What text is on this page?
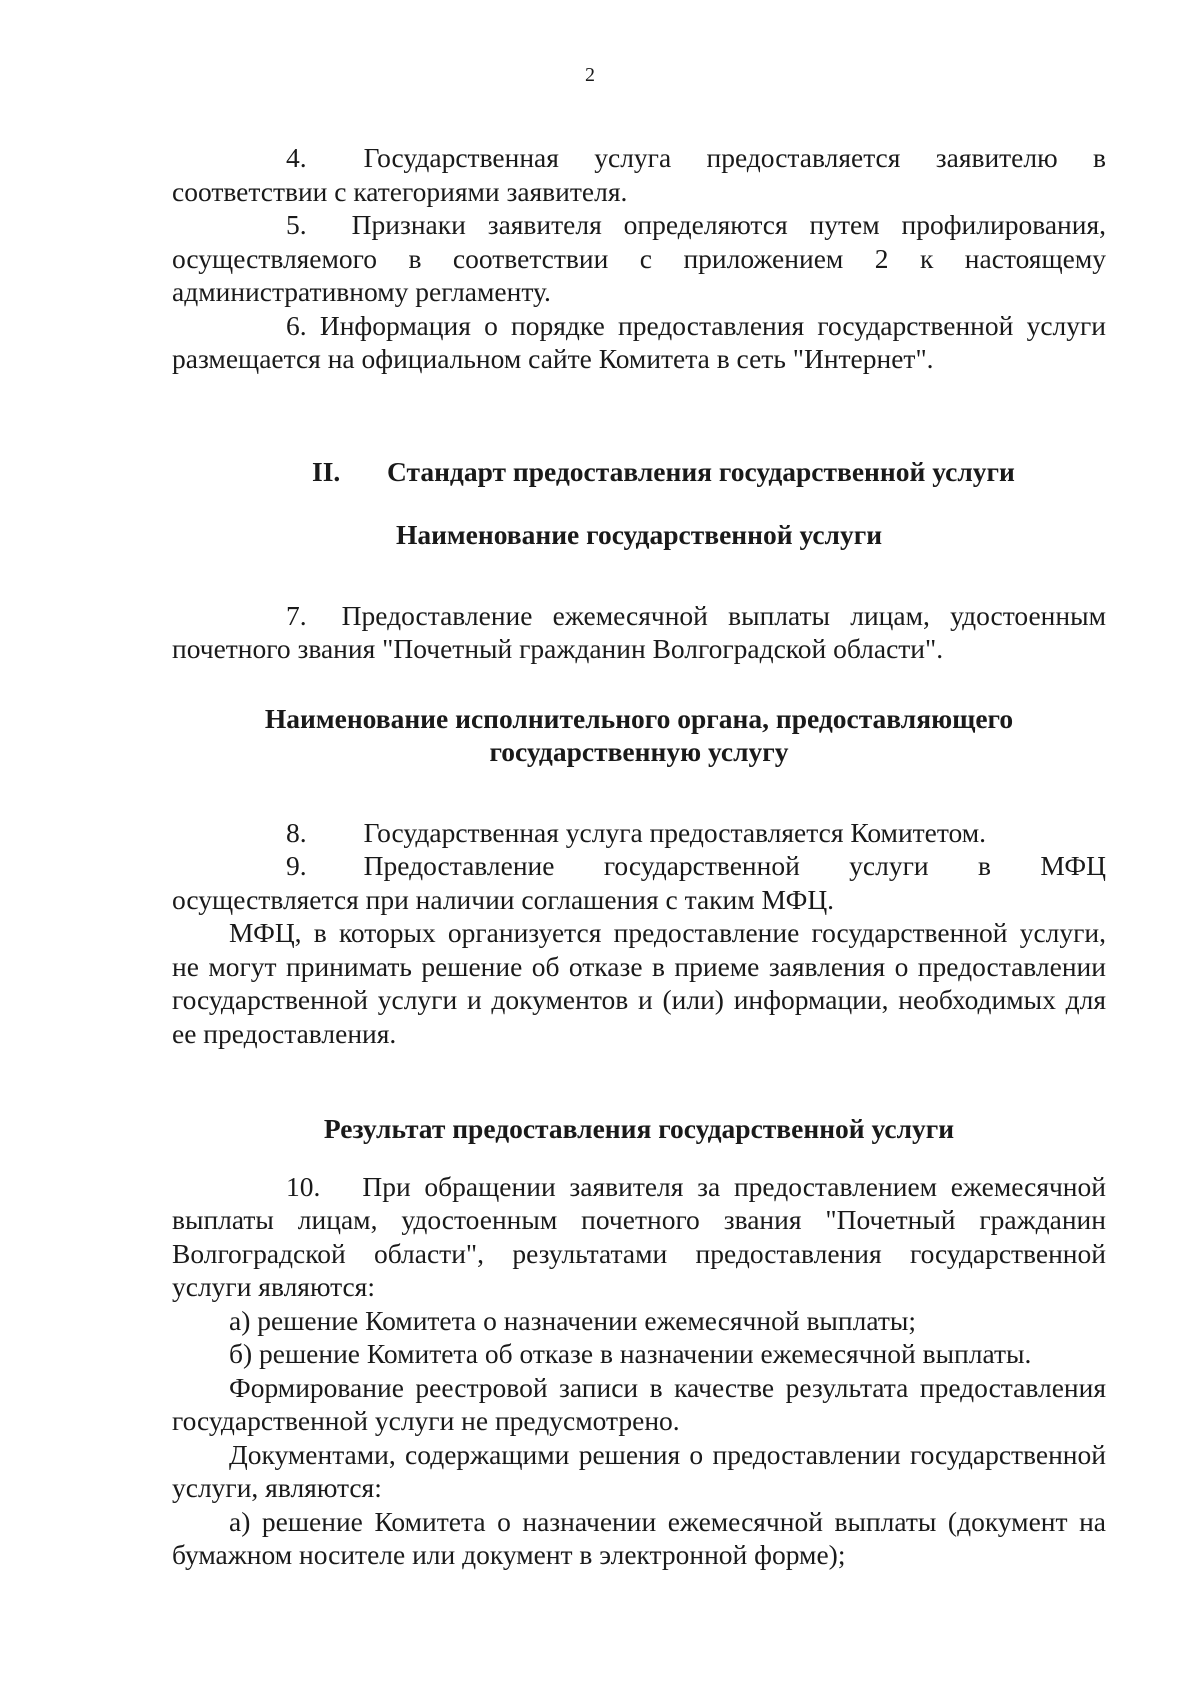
2

4. Государственная услуга предоставляется заявителю в соответствии с категориями заявителя.

5. Признаки заявителя определяются путем профилирования, осуществляемого в соответствии с приложением 2 к настоящему административному регламенту.

6. Информация о порядке предоставления государственной услуги размещается на официальном сайте Комитета в сеть "Интернет".

II. Стандарт предоставления государственной услуги

Наименование государственной услуги

7. Предоставление ежемесячной выплаты лицам, удостоенным почетного звания "Почетный гражданин Волгоградской области".

Наименование исполнительного органа, предоставляющего

государственную услугу

8. Государственная услуга предоставляется Комитетом.

9. Предоставление государственной услуги в МФЦ осуществляется при наличии соглашения с таким МФЦ.

МФЦ, в которых организуется предоставление государственной услуги, не могут принимать решение об отказе в приеме заявления о предоставлении государственной услуги и документов и (или) информации, необходимых для ее предоставления.

Результат предоставления государственной услуги

10. При обращении заявителя за предоставлением ежемесячной выплаты лицам, удостоенным почетного звания "Почетный гражданин Волгоградской области", результатами предоставления государственной услуги являются:

а) решение Комитета о назначении ежемесячной выплаты;

б) решение Комитета об отказе в назначении ежемесячной выплаты.

Формирование реестровой записи в качестве результата предоставления государственной услуги не предусмотрено.

Документами, содержащими решения о предоставлении государственной услуги, являются:

а) решение Комитета о назначении ежемесячной выплаты (документ на бумажном носителе или документ в электронной форме);
